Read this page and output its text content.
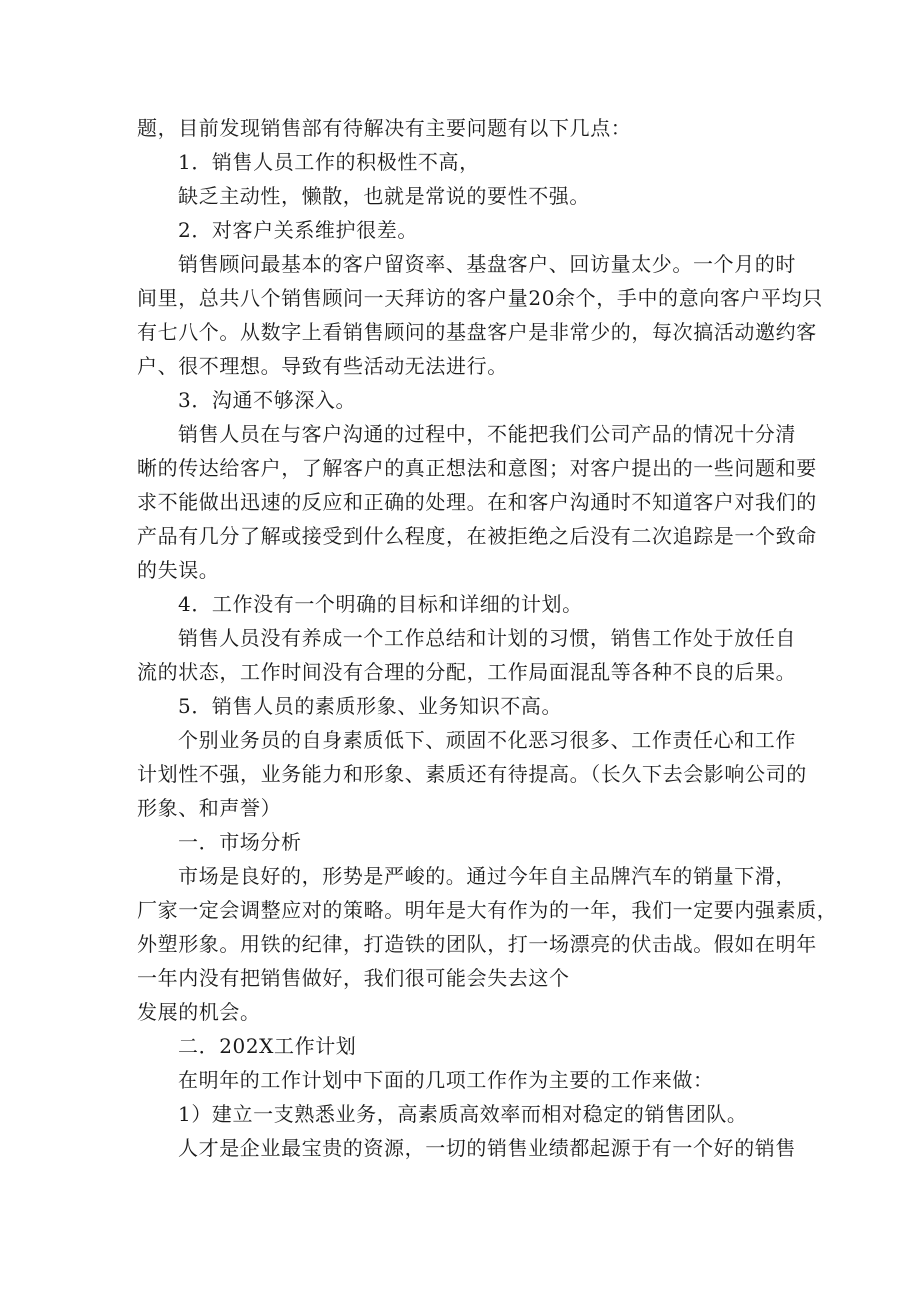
题，目前发现销售部有待解决有主要问题有以下几点：
1．销售人员工作的积极性不高，
缺乏主动性，懒散，也就是常说的要性不强。
2．对客户关系维护很差。
销售顾问最基本的客户留资率、基盘客户、回访量太少。一个月的时
间里，总共八个销售顾问一天拜访的客户量20余个，手中的意向客户平均只
有七八个。从数字上看销售顾问的基盘客户是非常少的，每次搞活动邀约客
户、很不理想。导致有些活动无法进行。
3．沟通不够深入。
销售人员在与客户沟通的过程中，不能把我们公司产品的情况十分清
晰的传达给客户，了解客户的真正想法和意图；对客户提出的一些问题和要
求不能做出迅速的反应和正确的处理。在和客户沟通时不知道客户对我们的
产品有几分了解或接受到什么程度，在被拒绝之后没有二次追踪是一个致命
的失误。
4．工作没有一个明确的目标和详细的计划。
销售人员没有养成一个工作总结和计划的习惯，销售工作处于放任自
流的状态，工作时间没有合理的分配，工作局面混乱等各种不良的后果。
5．销售人员的素质形象、业务知识不高。
个别业务员的自身素质低下、顽固不化恶习很多、工作责任心和工作
计划性不强，业务能力和形象、素质还有待提高。（长久下去会影响公司的
形象、和声誉）
一．市场分析
市场是良好的，形势是严峻的。通过今年自主品牌汽车的销量下滑，
厂家一定会调整应对的策略。明年是大有作为的一年，我们一定要内强素质，
外塑形象。用铁的纪律，打造铁的团队，打一场漂亮的伏击战。假如在明年
一年内没有把销售做好，我们很可能会失去这个
发展的机会。
二．202X工作计划
在明年的工作计划中下面的几项工作作为主要的工作来做：
1）建立一支熟悉业务，高素质高效率而相对稳定的销售团队。
人才是企业最宝贵的资源，一切的销售业绩都起源于有一个好的销售
